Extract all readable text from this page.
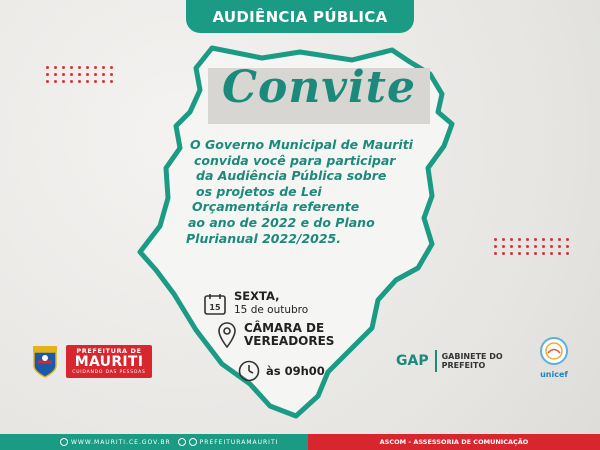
AUDIÊNCIA PÚBLICA
Convite
O Governo Municipal de Mauriti
convida você para participar
da Audiência Pública sobre
os projetos de Lei
Orçamentárla referente
ao ano de 2022 e do Plano
Plurianual 2022/2025.
15
SEXTA,
15 de outubro
CÂMARA DE
VEREADORES
às 09h00
PREFEITURA DE
MAURITI
CUIDANDO DAS PESSOAS
GAP GABINETE DO
PREFEITO
unicef
WWW.MAURITI.CE.GOV.BR	PREFEITURAMAURITI	ASCOM - ASSESSORIA DE COMUNICAÇÃO
